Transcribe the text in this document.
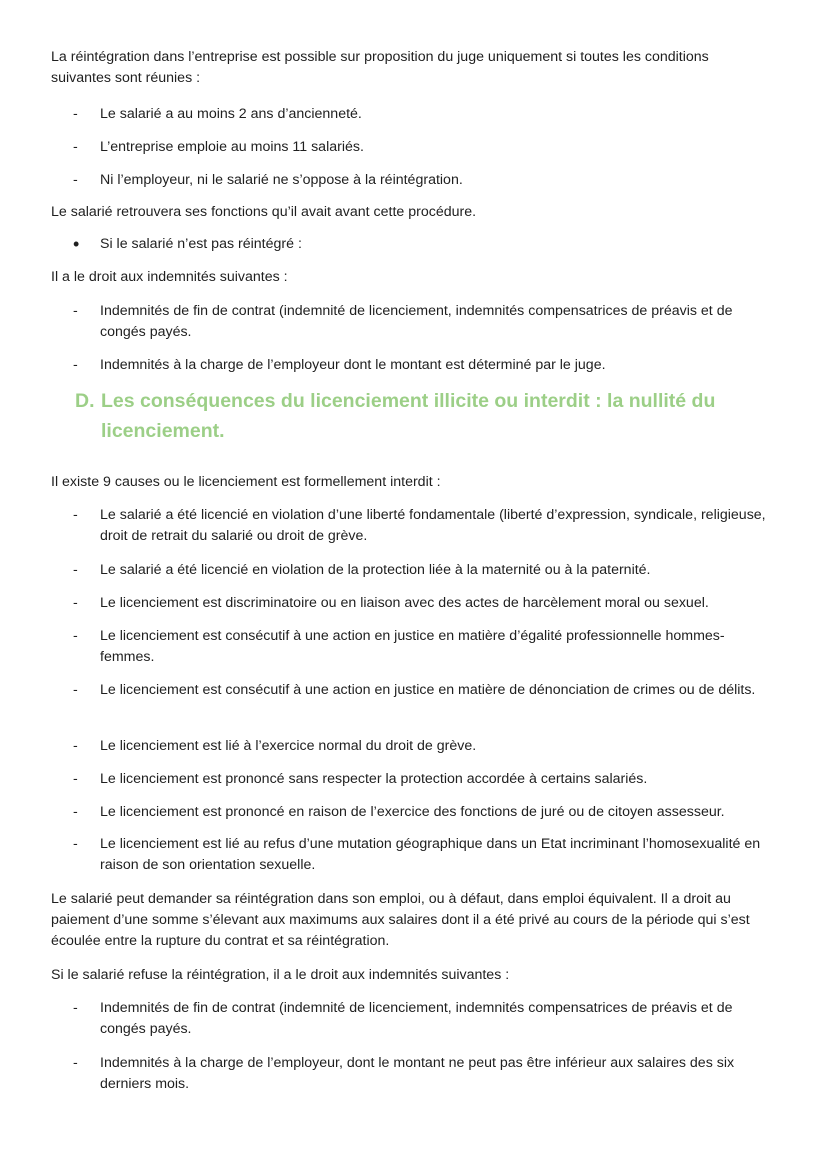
La réintégration dans l’entreprise est possible sur proposition du juge uniquement si toutes les conditions suivantes sont réunies :

-	Le salarié a au moins 2 ans d’ancienneté.
-	L’entreprise emploie au moins 11 salariés.
-	Ni l’employeur, ni le salarié ne s’oppose à la réintégration.

Le salarié retrouvera ses fonctions qu’il avait avant cette procédure.

•	Si le salarié n’est pas réintégré :

Il a le droit aux indemnités suivantes :

-	Indemnités de fin de contrat (indemnité de licenciement, indemnités compensatrices de préavis et de congés payés.
-	Indemnités à la charge de l’employeur dont le montant est déterminé par le juge.
D. Les conséquences du licenciement illicite ou interdit : la nullité du licenciement.

Il existe 9 causes ou le licenciement est formellement interdit :

-	Le salarié a été licencié en violation d’une liberté fondamentale (liberté d’expression, syndicale, religieuse, droit de retrait du salarié ou droit de grève.
-	Le salarié a été licencié en violation de la protection liée à la maternité ou à la paternité.
-	Le licenciement est discriminatoire ou en liaison avec des actes de harcèlement moral ou sexuel.
-	Le licenciement est consécutif à une action en justice en matière d’égalité professionnelle hommes-femmes.
-	Le licenciement est consécutif à une action en justice en matière de dénonciation de crimes ou de délits.
-	Le licenciement est lié à l’exercice normal du droit de grève.
-	Le licenciement est prononcé sans respecter la protection accordée à certains salariés.
-	Le licenciement est prononcé en raison de l’exercice des fonctions de juré ou de citoyen assesseur.
-	Le licenciement est lié au refus d’une mutation géographique dans un Etat incriminant l’homosexualité en raison de son orientation sexuelle.

Le salarié peut demander sa réintégration dans son emploi, ou à défaut, dans emploi équivalent. Il a droit au paiement d’une somme s’élevant aux maximums aux salaires dont il a été privé au cours de la période qui s’est écoulée entre la rupture du contrat et sa réintégration.

Si le salarié refuse la réintégration, il a le droit aux indemnités suivantes :

-	Indemnités de fin de contrat (indemnité de licenciement, indemnités compensatrices de préavis et de congés payés.
-	Indemnités à la charge de l’employeur, dont le montant ne peut pas être inférieur aux salaires des six derniers mois.
